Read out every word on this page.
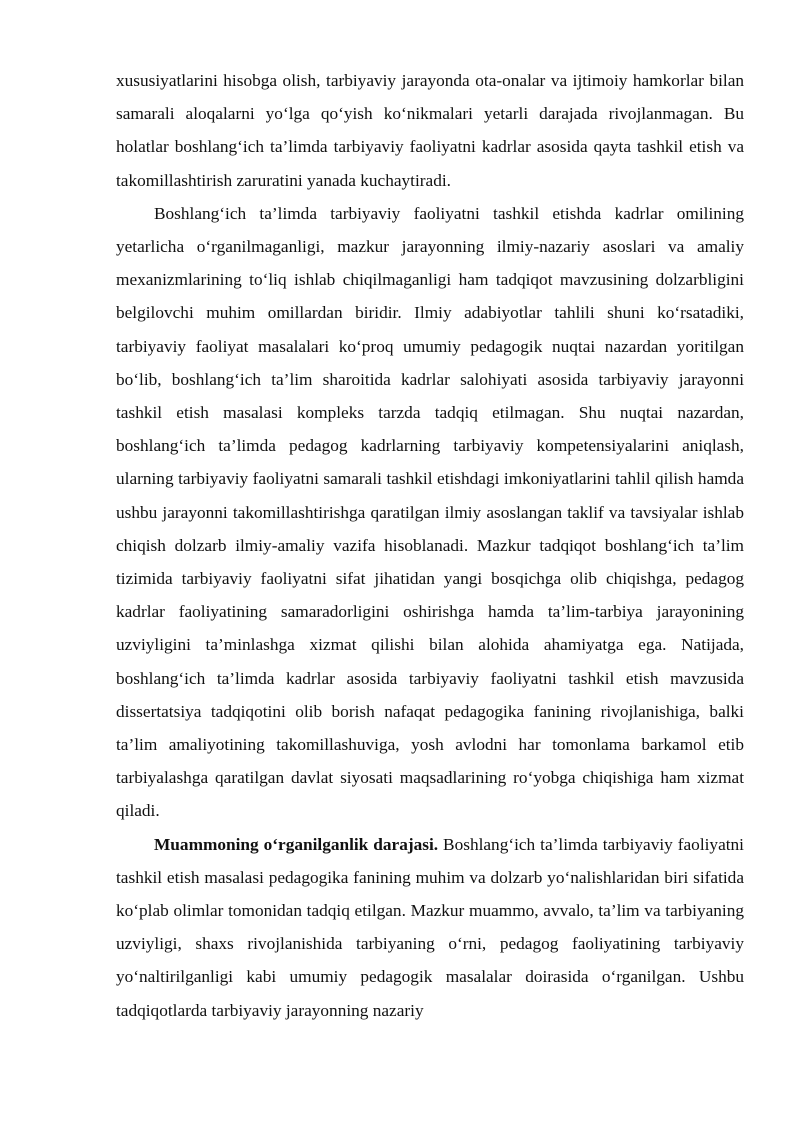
xususiyatlarini hisobga olish, tarbiyaviy jarayonda ota-onalar va ijtimoiy hamkorlar bilan samarali aloqalarni yo‘lga qo‘yish ko‘nikmalari yetarli darajada rivojlanmagan. Bu holatlar boshlang‘ich ta’limda tarbiyaviy faoliyatni kadrlar asosida qayta tashkil etish va takomillashtirish zaruratini yanada kuchaytiradi.

Boshlang‘ich ta’limda tarbiyaviy faoliyatni tashkil etishda kadrlar omilining yetarlicha o‘rganilmaganligi, mazkur jarayonning ilmiy-nazariy asoslari va amaliy mexanizmlarining to‘liq ishlab chiqilmaganligi ham tadqiqot mavzusining dolzarbligini belgilovchi muhim omillardan biridir. Ilmiy adabiyotlar tahlili shuni ko‘rsatadiki, tarbiyaviy faoliyat masalalari ko‘proq umumiy pedagogik nuqtai nazardan yoritilgan bo‘lib, boshlang‘ich ta’lim sharoitida kadrlar salohiyati asosida tarbiyaviy jarayonni tashkil etish masalasi kompleks tarzda tadqiq etilmagan. Shu nuqtai nazardan, boshlang‘ich ta’limda pedagog kadrlarning tarbiyaviy kompetensiyalarini aniqlash, ularning tarbiyaviy faoliyatni samarali tashkil etishdagi imkoniyatlarini tahlil qilish hamda ushbu jarayonni takomillashtirishga qaratilgan ilmiy asoslangan taklif va tavsiyalar ishlab chiqish dolzarb ilmiy-amaliy vazifa hisoblanadi. Mazkur tadqiqot boshlang‘ich ta’lim tizimida tarbiyaviy faoliyatni sifat jihatidan yangi bosqichga olib chiqishga, pedagog kadrlar faoliyatining samaradorligini oshirishga hamda ta’lim-tarbiya jarayonining uzviyligini ta’minlashga xizmat qilishi bilan alohida ahamiyatga ega. Natijada, boshlang‘ich ta’limda kadrlar asosida tarbiyaviy faoliyatni tashkil etish mavzusida dissertatsiya tadqiqotini olib borish nafaqat pedagogika fanining rivojlanishiga, balki ta’lim amaliyotining takomillashuviga, yosh avlodni har tomonlama barkamol etib tarbiyalashga qaratilgan davlat siyosati maqsadlarining ro‘yobga chiqishiga ham xizmat qiladi.

Muammoning o‘rganilganlik darajasi. Boshlang‘ich ta’limda tarbiyaviy faoliyatni tashkil etish masalasi pedagogika fanining muhim va dolzarb yo‘nalishlaridan biri sifatida ko‘plab olimlar tomonidan tadqiq etilgan. Mazkur muammo, avvalo, ta’lim va tarbiyaning uzviyligi, shaxs rivojlanishida tarbiyaning o‘rni, pedagog faoliyatining tarbiyaviy yo‘naltirilganligi kabi umumiy pedagogik masalalar doirasida o‘rganilgan. Ushbu tadqiqotlarda tarbiyaviy jarayonning nazariy
